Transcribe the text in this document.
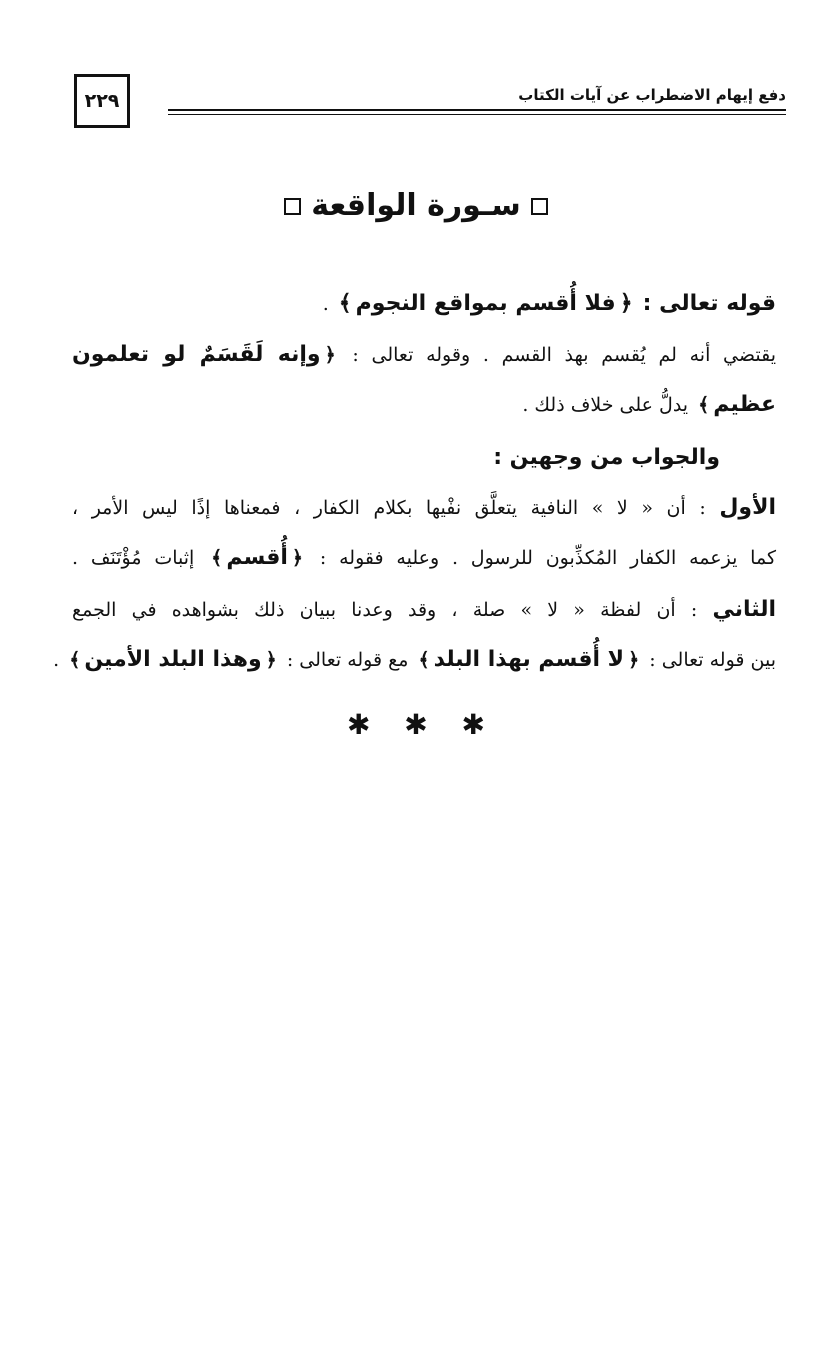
٢٢٩	دفع إيهام الاضطراب عن آيات الكتاب
سـورة الواقعة
قوله تعالى : ﴿فلا أُقسم بمواقع النجوم﴾ .
يقتضي أنه لم يُقسم بهذ القسم . وقوله تعالى : ﴿وإنه لَقَسَمٌ لو تعلمون
عظيم﴾ يدلُّ على خلاف ذلك .
والجواب من وجهين :
الأول : أن « لا » النافية يتعلَّق نفْيها بكلام الكفار ، فمعناها إذًا ليس الأمر ،
كما يزعمه الكفار المُكذِّبون للرسول . وعليه فقوله : ﴿أُقسم﴾ إثبات مُؤْتَنَف .
الثاني : أن لفظة « لا » صلة ، وقد وعدنا ببيان ذلك بشواهده في الجمع
بين قوله تعالى : ﴿لا أُقسم بهذا البلد﴾ مع قوله تعالى : ﴿وهذا البلد الأمين﴾ .
✱ ✱ ✱
